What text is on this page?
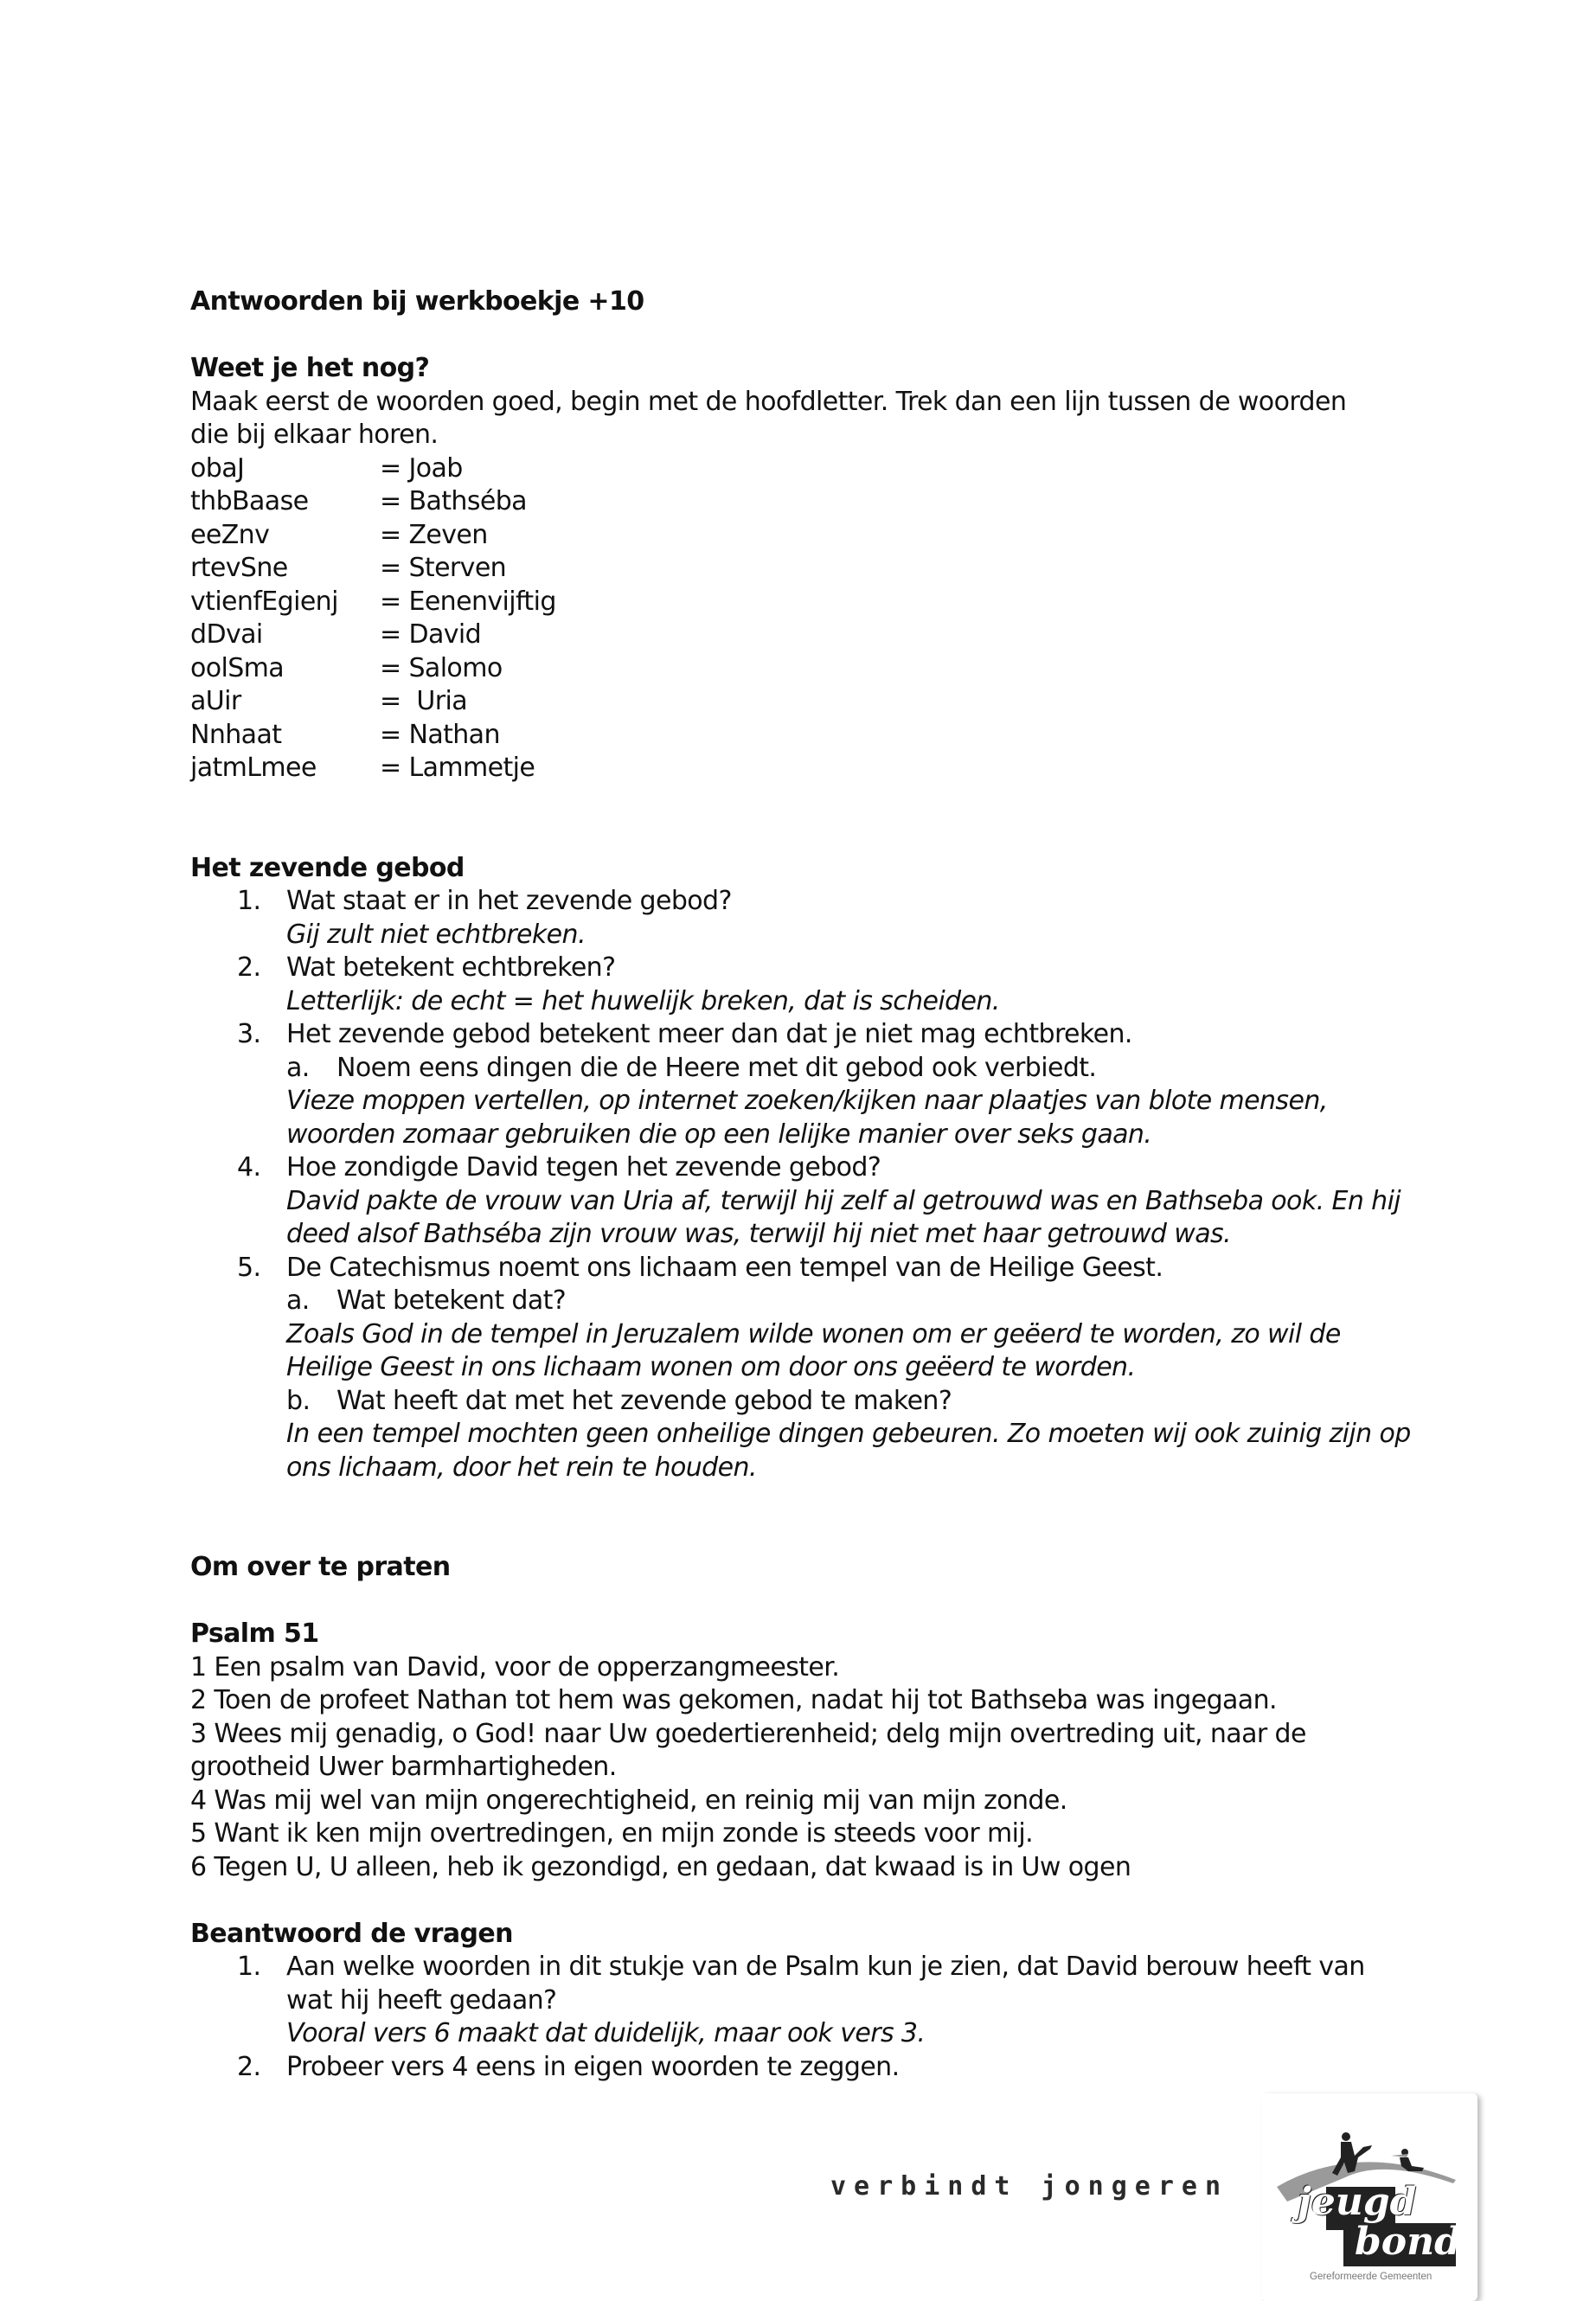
Antwoorden bij werkboekje +10
Weet je het nog?
Maak eerst de woorden goed, begin met de hoofdletter. Trek dan een lijn tussen de woorden
die bij elkaar horen.
obaJ	= Joab
thbBaase	= Bathséba
eeZnv	= Zeven
rtevSne	= Sterven
vtienfEgienj	= Eenenvijftig
dDvai	= David
oolSma	= Salomo
aUir	=  Uria
Nnhaat	= Nathan
jatmLmee	= Lammetje
Het zevende gebod
1. Wat staat er in het zevende gebod?
Gij zult niet echtbreken.
2. Wat betekent echtbreken?
Letterlijk: de echt = het huwelijk breken, dat is scheiden.
3. Het zevende gebod betekent meer dan dat je niet mag echtbreken.
a. Noem eens dingen die de Heere met dit gebod ook verbiedt.
Vieze moppen vertellen, op internet zoeken/kijken naar plaatjes van blote mensen,
woorden zomaar gebruiken die op een lelijke manier over seks gaan.
4. Hoe zondigde David tegen het zevende gebod?
David pakte de vrouw van Uria af, terwijl hij zelf al getrouwd was en Bathseba ook. En hij
deed alsof Bathséba zijn vrouw was, terwijl hij niet met haar getrouwd was.
5. De Catechismus noemt ons lichaam een tempel van de Heilige Geest.
a. Wat betekent dat?
Zoals God in de tempel in Jeruzalem wilde wonen om er geëerd te worden, zo wil de
Heilige Geest in ons lichaam wonen om door ons geëerd te worden.
b. Wat heeft dat met het zevende gebod te maken?
In een tempel mochten geen onheilige dingen gebeuren. Zo moeten wij ook zuinig zijn op
ons lichaam, door het rein te houden.
Om over te praten
Psalm 51
1 Een psalm van David, voor de opperzangmeester.
2 Toen de profeet Nathan tot hem was gekomen, nadat hij tot Bathseba was ingegaan.
3 Wees mij genadig, o God! naar Uw goedertierenheid; delg mijn overtreding uit, naar de
grootheid Uwer barmhartigheden.
4 Was mij wel van mijn ongerechtigheid, en reinig mij van mijn zonde.
5 Want ik ken mijn overtredingen, en mijn zonde is steeds voor mij.
6 Tegen U, U alleen, heb ik gezondigd, en gedaan, dat kwaad is in Uw ogen
Beantwoord de vragen
1. Aan welke woorden in dit stukje van de Psalm kun je zien, dat David berouw heeft van
wat hij heeft gedaan?
Vooral vers 6 maakt dat duidelijk, maar ook vers 3.
2. Probeer vers 4 eens in eigen woorden te zeggen.
verbindt jongeren jeugd
bond
Gereformeerde Gemeenten
